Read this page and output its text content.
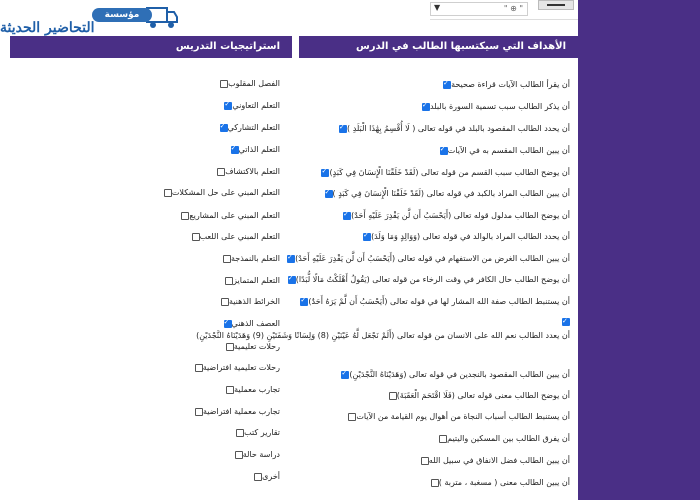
▼	" ⊕ "
مؤسسة
التحاضير الحديثة
الأهداف التي سيكتسبها الطالب في الدرس
استراتيجيات التدريس
✓
أن يقرأ الطالب الآيات قراءة صحيحة
✓
أن يذكر الطالب سبب تسمية السورة بالبلد
✓
أن يحدد الطالب المقصود بالبلد في قوله تعالى ( لَا أُقْسِمُ بِهَٰذَا الْبَلَدِ )
✓
أن يبين الطالب المقسم به في الآيات
✓
أن يوضح الطالب سبب القسم من قوله تعالى (لَقَدْ خَلَقْنَا الْإِنسَانَ فِي كَبَدٍ)
✓
أن يبين الطالب المراد بالكبد في قوله تعالى (لَقَدْ خَلَقْنَا الْإِنسَانَ فِي كَبَدٍ )
✓
أن يوضح الطالب مدلول قوله تعالى (أَيَحْسَبُ أَن لَّن يَقْدِرَ عَلَيْهِ أَحَدٌ)
✓
أن يحدد الطالب المراد بالوالد في قوله تعالى (وَوَالِدٍ وَمَا وَلَدَ)
✓
أن يبين الطالب الغرض من الاستفهام في قوله تعالى (أَيَحْسَبُ أَن لَّن يَقْدِرَ عَلَيْهِ أَحَدٌ)
✓
أن يوضح الطالب حال الكافر في وقت الرخاء من قوله تعالى (يَقُولُ أَهْلَكْتُ مَالًا لُّبَدًا)
✓
أن يستنبط الطالب صفة الله المشار لها في قوله تعالى (أَيَحْسَبُ أَن لَّمْ يَرَهُ أَحَدٌ)
✓
أن يعدد الطالب نعم الله على الانسان من قوله تعالى (أَلَمْ نَجْعَل لَّهُ عَيْنَيْنِ (8) وَلِسَانًا وَشَفَتَيْنِ (9) وَهَدَيْنَاهُ النَّجْدَيْنِ)
✓
أن يبين الطالب المقصود بالنجدين في قوله تعالى (وَهَدَيْنَاهُ النَّجْدَيْنِ)
أن يوضح الطالب معنى قوله تعالى (فَلَا اقْتَحَمَ الْعَقَبَةَ)
أن يستنبط الطالب أسباب النجاة من أهوال يوم القيامة من الآيات
أن يفرق الطالب بين المسكين واليتيم
أن يبين الطالب فضل الانفاق في سبيل الله
أن يبين الطالب معنى ( مسغبة ، متربة )
الفصل المقلوب
✓
التعلم التعاوني
✓
التعلم التشاركي
✓
التعلم الذاتي
التعلم بالاكتشاف
التعلم المبني على حل المشكلات
التعلم المبني على المشاريع
التعلم المبني على اللعب
التعلم بالنمذجة
التعلم المتمايز
الخرائط الذهنية
✓
العصف الذهني
رحلات تعليمية
رحلات تعليمية افتراضية
تجارب معملية
تجارب معملية افتراضية
تقارير كتب
دراسة حالة
أخرى
